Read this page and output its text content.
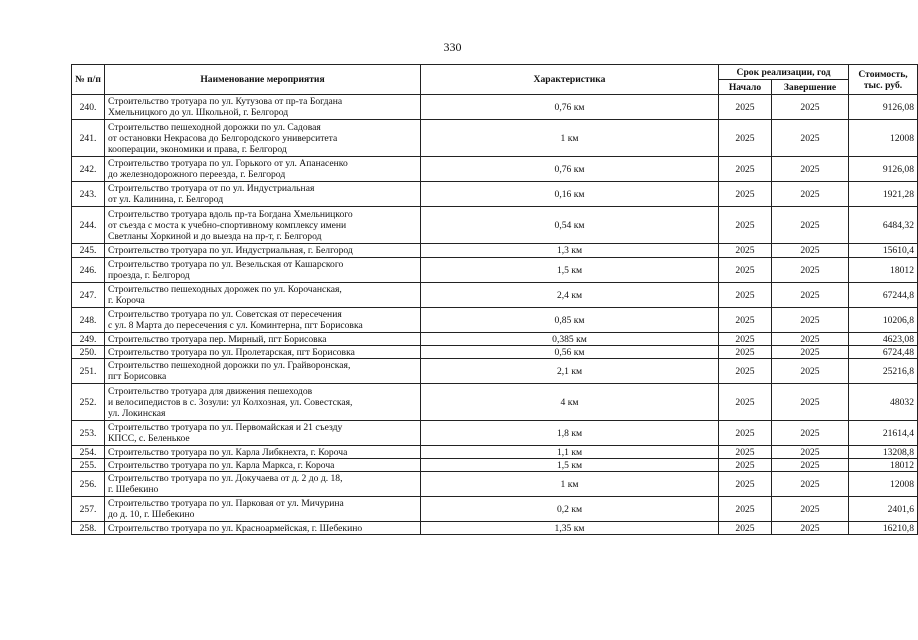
330
№ п/п	Наименование мероприятия	Характеристика	Срок реализации, год		Стоимость, тыс. руб.
			Начало	Завершение	
240.	Строительство тротуара по ул. Кутузова от пр-та Богдана
Хмельницкого до ул. Школьной, г. Белгород	0,76 км	2025	2025	9126,08
241.	Строительство пешеходной дорожки по ул. Садовая
от остановки Некрасова до Белгородского университета
кооперации, экономики и права, г. Белгород	1 км	2025	2025	12008
242.	Строительство тротуара по ул. Горького от ул. Апанасенко
до железнодорожного переезда, г. Белгород	0,76 км	2025	2025	9126,08
243.	Строительство тротуара от по ул. Индустриальная
от ул. Калинина, г. Белгород	0,16 км	2025	2025	1921,28
244.	Строительство тротуара вдоль пр-та Богдана Хмельницкого
от съезда с моста к учебно-спортивному комплексу имени
Светланы Хоркиной и до выезда на пр-т, г. Белгород	0,54 км	2025	2025	6484,32
245.	Строительство тротуара по ул. Индустриальная, г. Белгород	1,3 км	2025	2025	15610,4
246.	Строительство тротуара по ул. Везельская от Кашарского
проезда, г. Белгород	1,5 км	2025	2025	18012
247.	Строительство пешеходных дорожек по ул. Корочанская,
г. Короча	2,4 км	2025	2025	67244,8
248.	Строительство тротуара по ул. Советская от пересечения
с ул. 8 Марта до пересечения с ул. Коминтерна, пгт Борисовка	0,85 км	2025	2025	10206,8
249.	Строительство тротуара пер. Мирный, пгт Борисовка	0,385 км	2025	2025	4623,08
250.	Строительство тротуара по ул. Пролетарская, пгт Борисовка	0,56 км	2025	2025	6724,48
251.	Строительство пешеходной дорожки по ул. Грайворонская,
пгт Борисовка	2,1 км	2025	2025	25216,8
252.	Строительство тротуара для движения пешеходов
и велосипедистов в с. Зозули: ул Колхозная, ул. Совестская,
ул. Локинская	4 км	2025	2025	48032
253.	Строительство тротуара по ул. Первомайская и 21 съезду
КПСС, с. Беленькое	1,8 км	2025	2025	21614,4
254.	Строительство тротуара по ул. Карла Либкнехта, г. Короча	1,1 км	2025	2025	13208,8
255.	Строительство тротуара по ул. Карла Маркса, г. Короча	1,5 км	2025	2025	18012
256.	Строительство тротуара по ул. Докучаева от д. 2 до д. 18,
г. Шебекино	1 км	2025	2025	12008
257.	Строительство тротуара по ул. Парковая от ул. Мичурина
до д. 10, г. Шебекино	0,2 км	2025	2025	2401,6
258.	Строительство тротуара по ул. Красноармейская, г. Шебекино	1,35 км	2025	2025	16210,8
